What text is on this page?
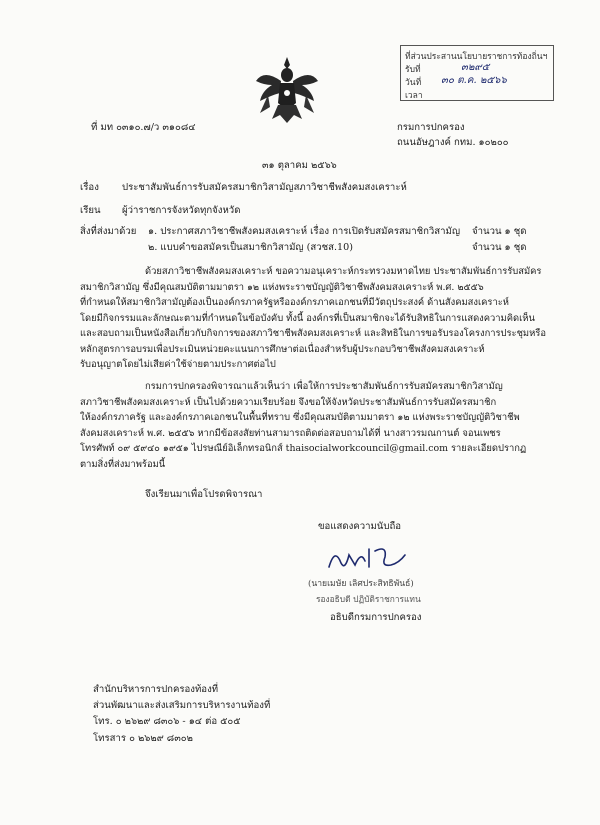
ที่ส่วนประสานนโยบายราชการท้องถิ่นฯ
รับที่	๓๒๙๕
วันที่ ๓๐ ต.ค. ๒๕๖๖
เวลา
ที่ มท ๐๓๑๐.๗/ว ๓๑๐๘๔	กรมการปกครอง
ถนนอัษฎางค์ กทม. ๑๐๒๐๐
๓๑ ตุลาคม ๒๕๖๖
เรื่อง ประชาสัมพันธ์การรับสมัครสมาชิกวิสามัญสภาวิชาชีพสังคมสงเคราะห์
เรียน ผู้ว่าราชการจังหวัดทุกจังหวัด
สิ่งที่ส่งมาด้วย ๑. ประกาศสภาวิชาชีพสังคมสงเคราะห์ เรื่อง การเปิดรับสมัครสมาชิกวิสามัญ จำนวน ๑ ชุด
๒. แบบคำขอสมัครเป็นสมาชิกวิสามัญ (สวชส.10)	จำนวน ๑ ชุด
ด้วยสภาวิชาชีพสังคมสงเคราะห์ ขอความอนุเคราะห์กระทรวงมหาดไทย ประชาสัมพันธ์การรับสมัคร
สมาชิกวิสามัญ ซึ่งมีคุณสมบัติตามมาตรา ๑๒ แห่งพระราชบัญญัติวิชาชีพสังคมสงเคราะห์ พ.ศ. ๒๕๕๖
ที่กำหนดให้สมาชิกวิสามัญต้องเป็นองค์กรภาครัฐหรือองค์กรภาคเอกชนที่มีวัตถุประสงค์ ด้านสังคมสงเคราะห์
โดยมีกิจกรรมและลักษณะตามที่กำหนดในข้อบังคับ ทั้งนี้ องค์กรที่เป็นสมาชิกจะได้รับสิทธิในการแสดงความคิดเห็น
และสอบถามเป็นหนังสือเกี่ยวกับกิจการของสภาวิชาชีพสังคมสงเคราะห์ และสิทธิในการขอรับรองโครงการประชุมหรือ
หลักสูตรการอบรมเพื่อประเมินหน่วยคะแนนการศึกษาต่อเนื่องสำหรับผู้ประกอบวิชาชีพสังคมสงเคราะห์
รับอนุญาตโดยไม่เสียค่าใช้จ่ายตามประกาศต่อไป
กรมการปกครองพิจารณาแล้วเห็นว่า เพื่อให้การประชาสัมพันธ์การรับสมัครสมาชิกวิสามัญ
สภาวิชาชีพสังคมสงเคราะห์ เป็นไปด้วยความเรียบร้อย จึงขอให้จังหวัดประชาสัมพันธ์การรับสมัครสมาชิก
ให้องค์กรภาครัฐ และองค์กรภาคเอกชนในพื้นที่ทราบ ซึ่งมีคุณสมบัติตามมาตรา ๑๒ แห่งพระราชบัญญัติวิชาชีพ
สังคมสงเคราะห์ พ.ศ. ๒๕๕๖ หากมีข้อสงสัยท่านสามารถติดต่อสอบถามได้ที่ นางสาวรมณกานต์ จอนเพชร
โทรศัพท์ ๐๙ ๕๙๔๐ ๑๙๕๑ ไปรษณีย์อิเล็กทรอนิกส์ thaisocialworkcouncil@gmail.com รายละเอียดปรากฏ
ตามสิ่งที่ส่งมาพร้อมนี้
จึงเรียนมาเพื่อโปรดพิจารณา
ขอแสดงความนับถือ
(นายเมษัย เลิศประสิทธิพันธ์)
รองอธิบดี ปฏิบัติราชการแทน
อธิบดีกรมการปกครอง
สำนักบริหารการปกครองท้องที่
ส่วนพัฒนาและส่งเสริมการบริหารงานท้องที่
โทร. ๐ ๒๖๒๙ ๘๓๐๖ - ๑๔ ต่อ ๕๐๕
โทรสาร ๐ ๒๖๒๙ ๘๓๐๒
